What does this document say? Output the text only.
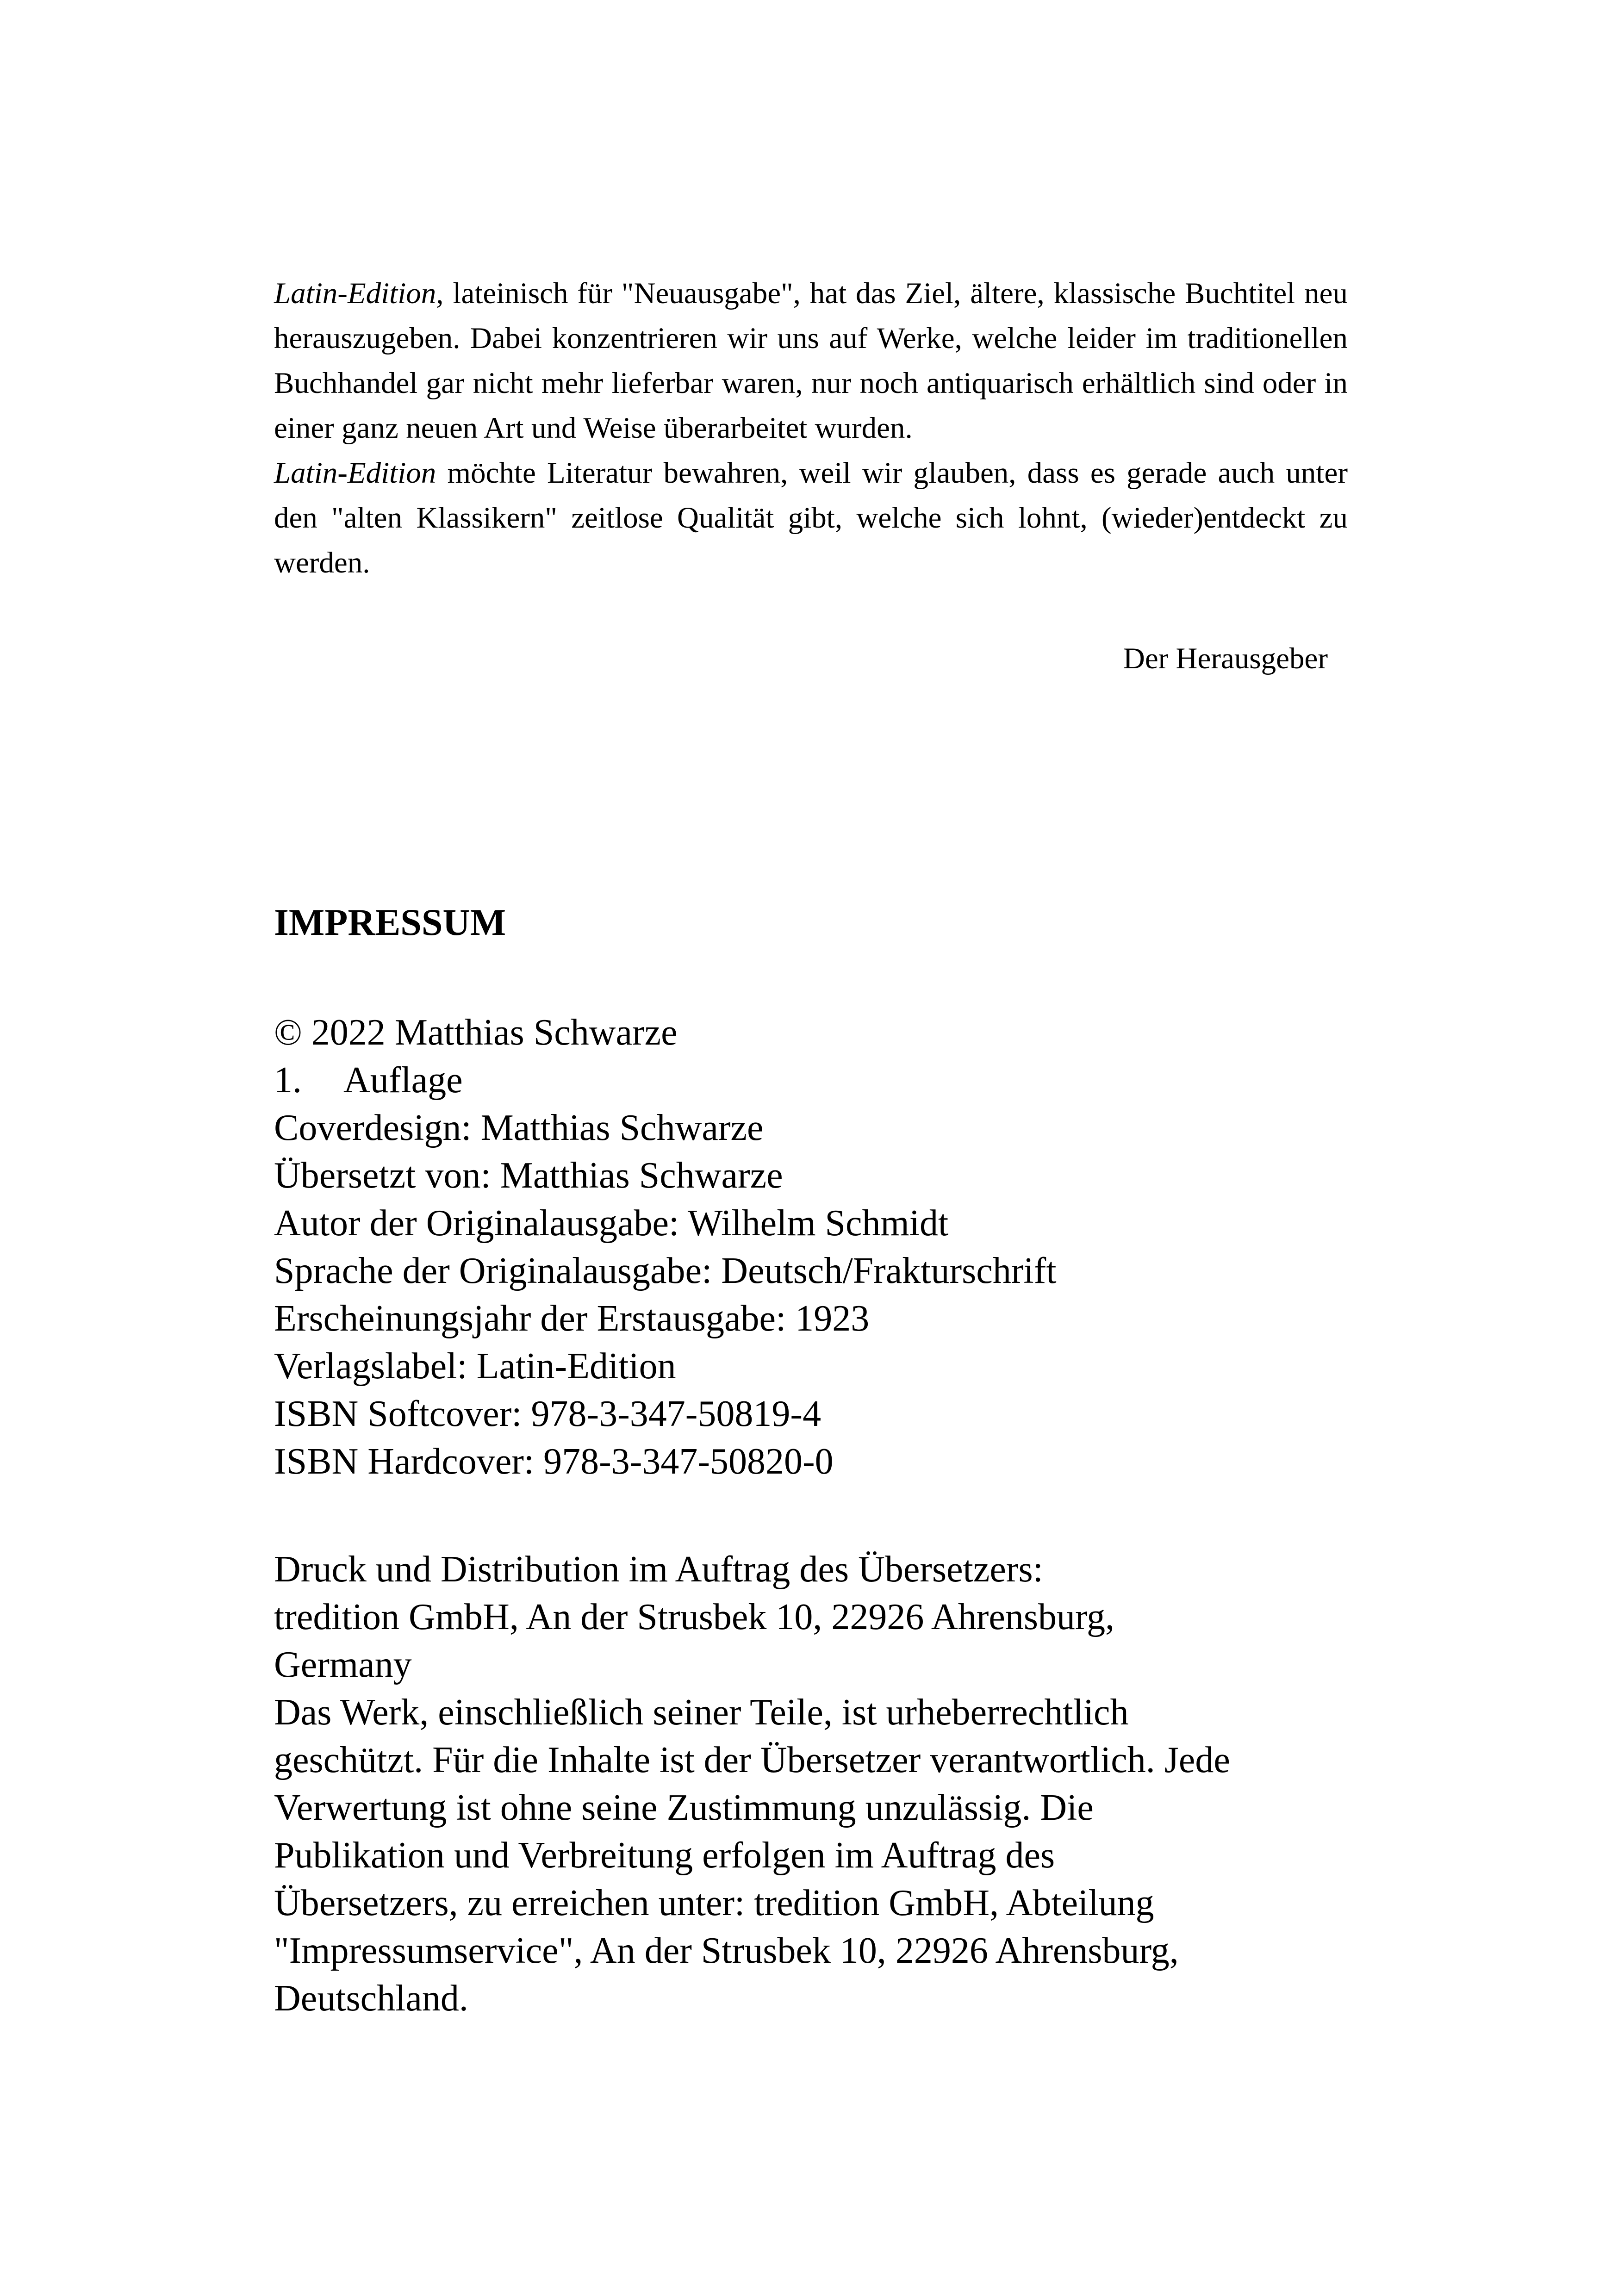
Latin-Edition, lateinisch für "Neuausgabe", hat das Ziel, ältere, klassische Buchtitel neu herauszugeben. Dabei konzentrieren wir uns auf Werke, welche leider im traditionellen Buchhandel gar nicht mehr lieferbar waren, nur noch antiquarisch erhältlich sind oder in einer ganz neuen Art und Weise überarbeitet wurden.

Latin-Edition möchte Literatur bewahren, weil wir glauben, dass es gerade auch unter den "alten Klassikern" zeitlose Qualität gibt, welche sich lohnt, (wieder)entdeckt zu werden.

Der Herausgeber
IMPRESSUM
© 2022 Matthias Schwarze
1. Auflage
Coverdesign: Matthias Schwarze
Übersetzt von: Matthias Schwarze
Autor der Originalausgabe: Wilhelm Schmidt
Sprache der Originalausgabe: Deutsch/Frakturschrift
Erscheinungsjahr der Erstausgabe: 1923
Verlagslabel: Latin-Edition
ISBN Softcover: 978-3-347-50819-4
ISBN Hardcover: 978-3-347-50820-0
Druck und Distribution im Auftrag des Übersetzers:
tredition GmbH, An der Strusbek 10, 22926 Ahrensburg,
Germany
Das Werk, einschließlich seiner Teile, ist urheberrechtlich
geschützt. Für die Inhalte ist der Übersetzer verantwortlich. Jede
Verwertung ist ohne seine Zustimmung unzulässig. Die
Publikation und Verbreitung erfolgen im Auftrag des
Übersetzers, zu erreichen unter: tredition GmbH, Abteilung
"Impressumservice", An der Strusbek 10, 22926 Ahrensburg,
Deutschland.
